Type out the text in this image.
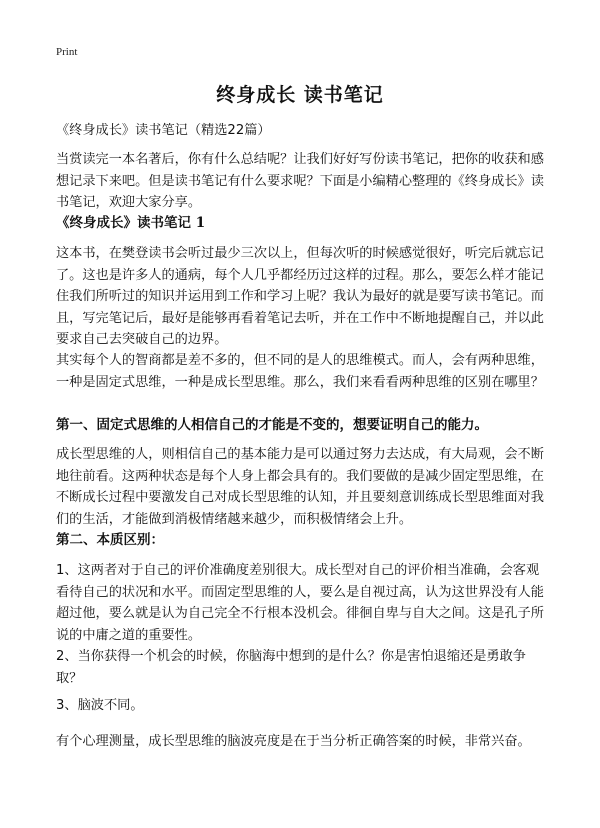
Print
终身成长 读书笔记

《终身成长》读书笔记（精选22篇）

当赏读完一本名著后，你有什么总结呢？让我们好好写份读书笔记，把你的收获和感想记录下来吧。但是读书笔记有什么要求呢？下面是小编精心整理的《终身成长》读书笔记，欢迎大家分享。

《终身成长》读书笔记 1

这本书，在樊登读书会听过最少三次以上，但每次听的时候感觉很好，听完后就忘记了。这也是许多人的通病，每个人几乎都经历过这样的过程。那么，要怎么样才能记住我们所听过的知识并运用到工作和学习上呢？我认为最好的就是要写读书笔记。而且，写完笔记后，最好是能够再看着笔记去听，并在工作中不断地提醒自己，并以此要求自己去突破自己的边界。

其实每个人的智商都是差不多的，但不同的是人的思维模式。而人，会有两种思维，一种是固定式思维，一种是成长型思维。那么，我们来看看两种思维的区别在哪里？

第一、固定式思维的人相信自己的才能是不变的，想要证明自己的能力。

成长型思维的人，则相信自己的基本能力是可以通过努力去达成，有大局观，会不断地往前看。这两种状态是每个人身上都会具有的。我们要做的是减少固定型思维，在不断成长过程中要激发自己对成长型思维的认知，并且要刻意训练成长型思维面对我们的生活，才能做到消极情绪越来越少，而积极情绪会上升。

第二、本质区别：

1、这两者对于自己的评价准确度差别很大。成长型对自己的评价相当准确，会客观看待自己的状况和水平。而固定型思维的人，要么是自视过高，认为这世界没有人能超过他，要么就是认为自己完全不行根本没机会。徘徊自卑与自大之间。这是孔子所说的中庸之道的重要性。

2、当你获得一个机会的时候，你脑海中想到的是什么？你是害怕退缩还是勇敢争取？

3、脑波不同。

有个心理测量，成长型思维的脑波亮度是在于当分析正确答案的时候，非常兴奋。
